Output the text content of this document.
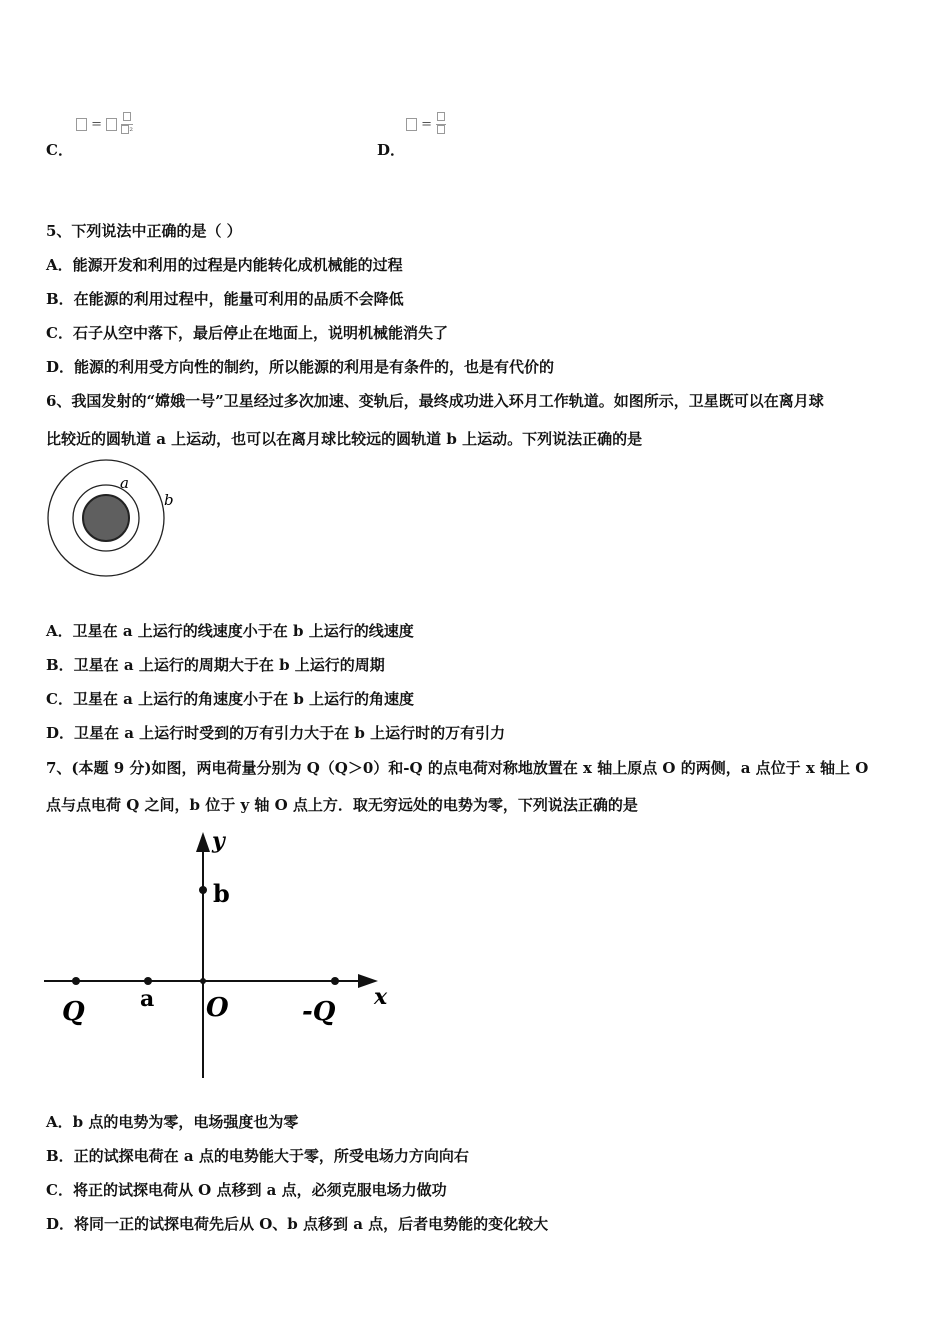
=	²
C．
=
D．
5、下列说法中正确的是（ ）
A．能源开发和利用的过程是内能转化成机械能的过程
B．在能源的利用过程中，能量可利用的品质不会降低
C．石子从空中落下，最后停止在地面上，说明机械能消失了
D．能源的利用受方向性的制约，所以能源的利用是有条件的，也是有代价的
6、我国发射的“嫦娥一号”卫星经过多次加速、变轨后，最终成功进入环月工作轨道。如图所示，卫星既可以在离月球
比较近的圆轨道 a 上运动，也可以在离月球比较远的圆轨道 b 上运动。下列说法正确的是
a
b
A．卫星在 a 上运行的线速度小于在 b 上运行的线速度
B．卫星在 a 上运行的周期大于在 b 上运行的周期
C．卫星在 a 上运行的角速度小于在 b 上运行的角速度
D．卫星在 a 上运行时受到的万有引力大于在 b 上运行时的万有引力
7、(本题 9 分)如图，两电荷量分别为 Q（Q＞0）和-Q 的点电荷对称地放置在 x 轴上原点 O 的两侧，a 点位于 x 轴上 O
点与点电荷 Q 之间，b 位于 y 轴 O 点上方．取无穷远处的电势为零，下列说法正确的是
y
x
b
Q	a O	-Q
A．b 点的电势为零，电场强度也为零
B．正的试探电荷在 a 点的电势能大于零，所受电场力方向向右
C．将正的试探电荷从 O 点移到 a 点，必须克服电场力做功
D．将同一正的试探电荷先后从 O、b 点移到 a 点，后者电势能的变化较大
